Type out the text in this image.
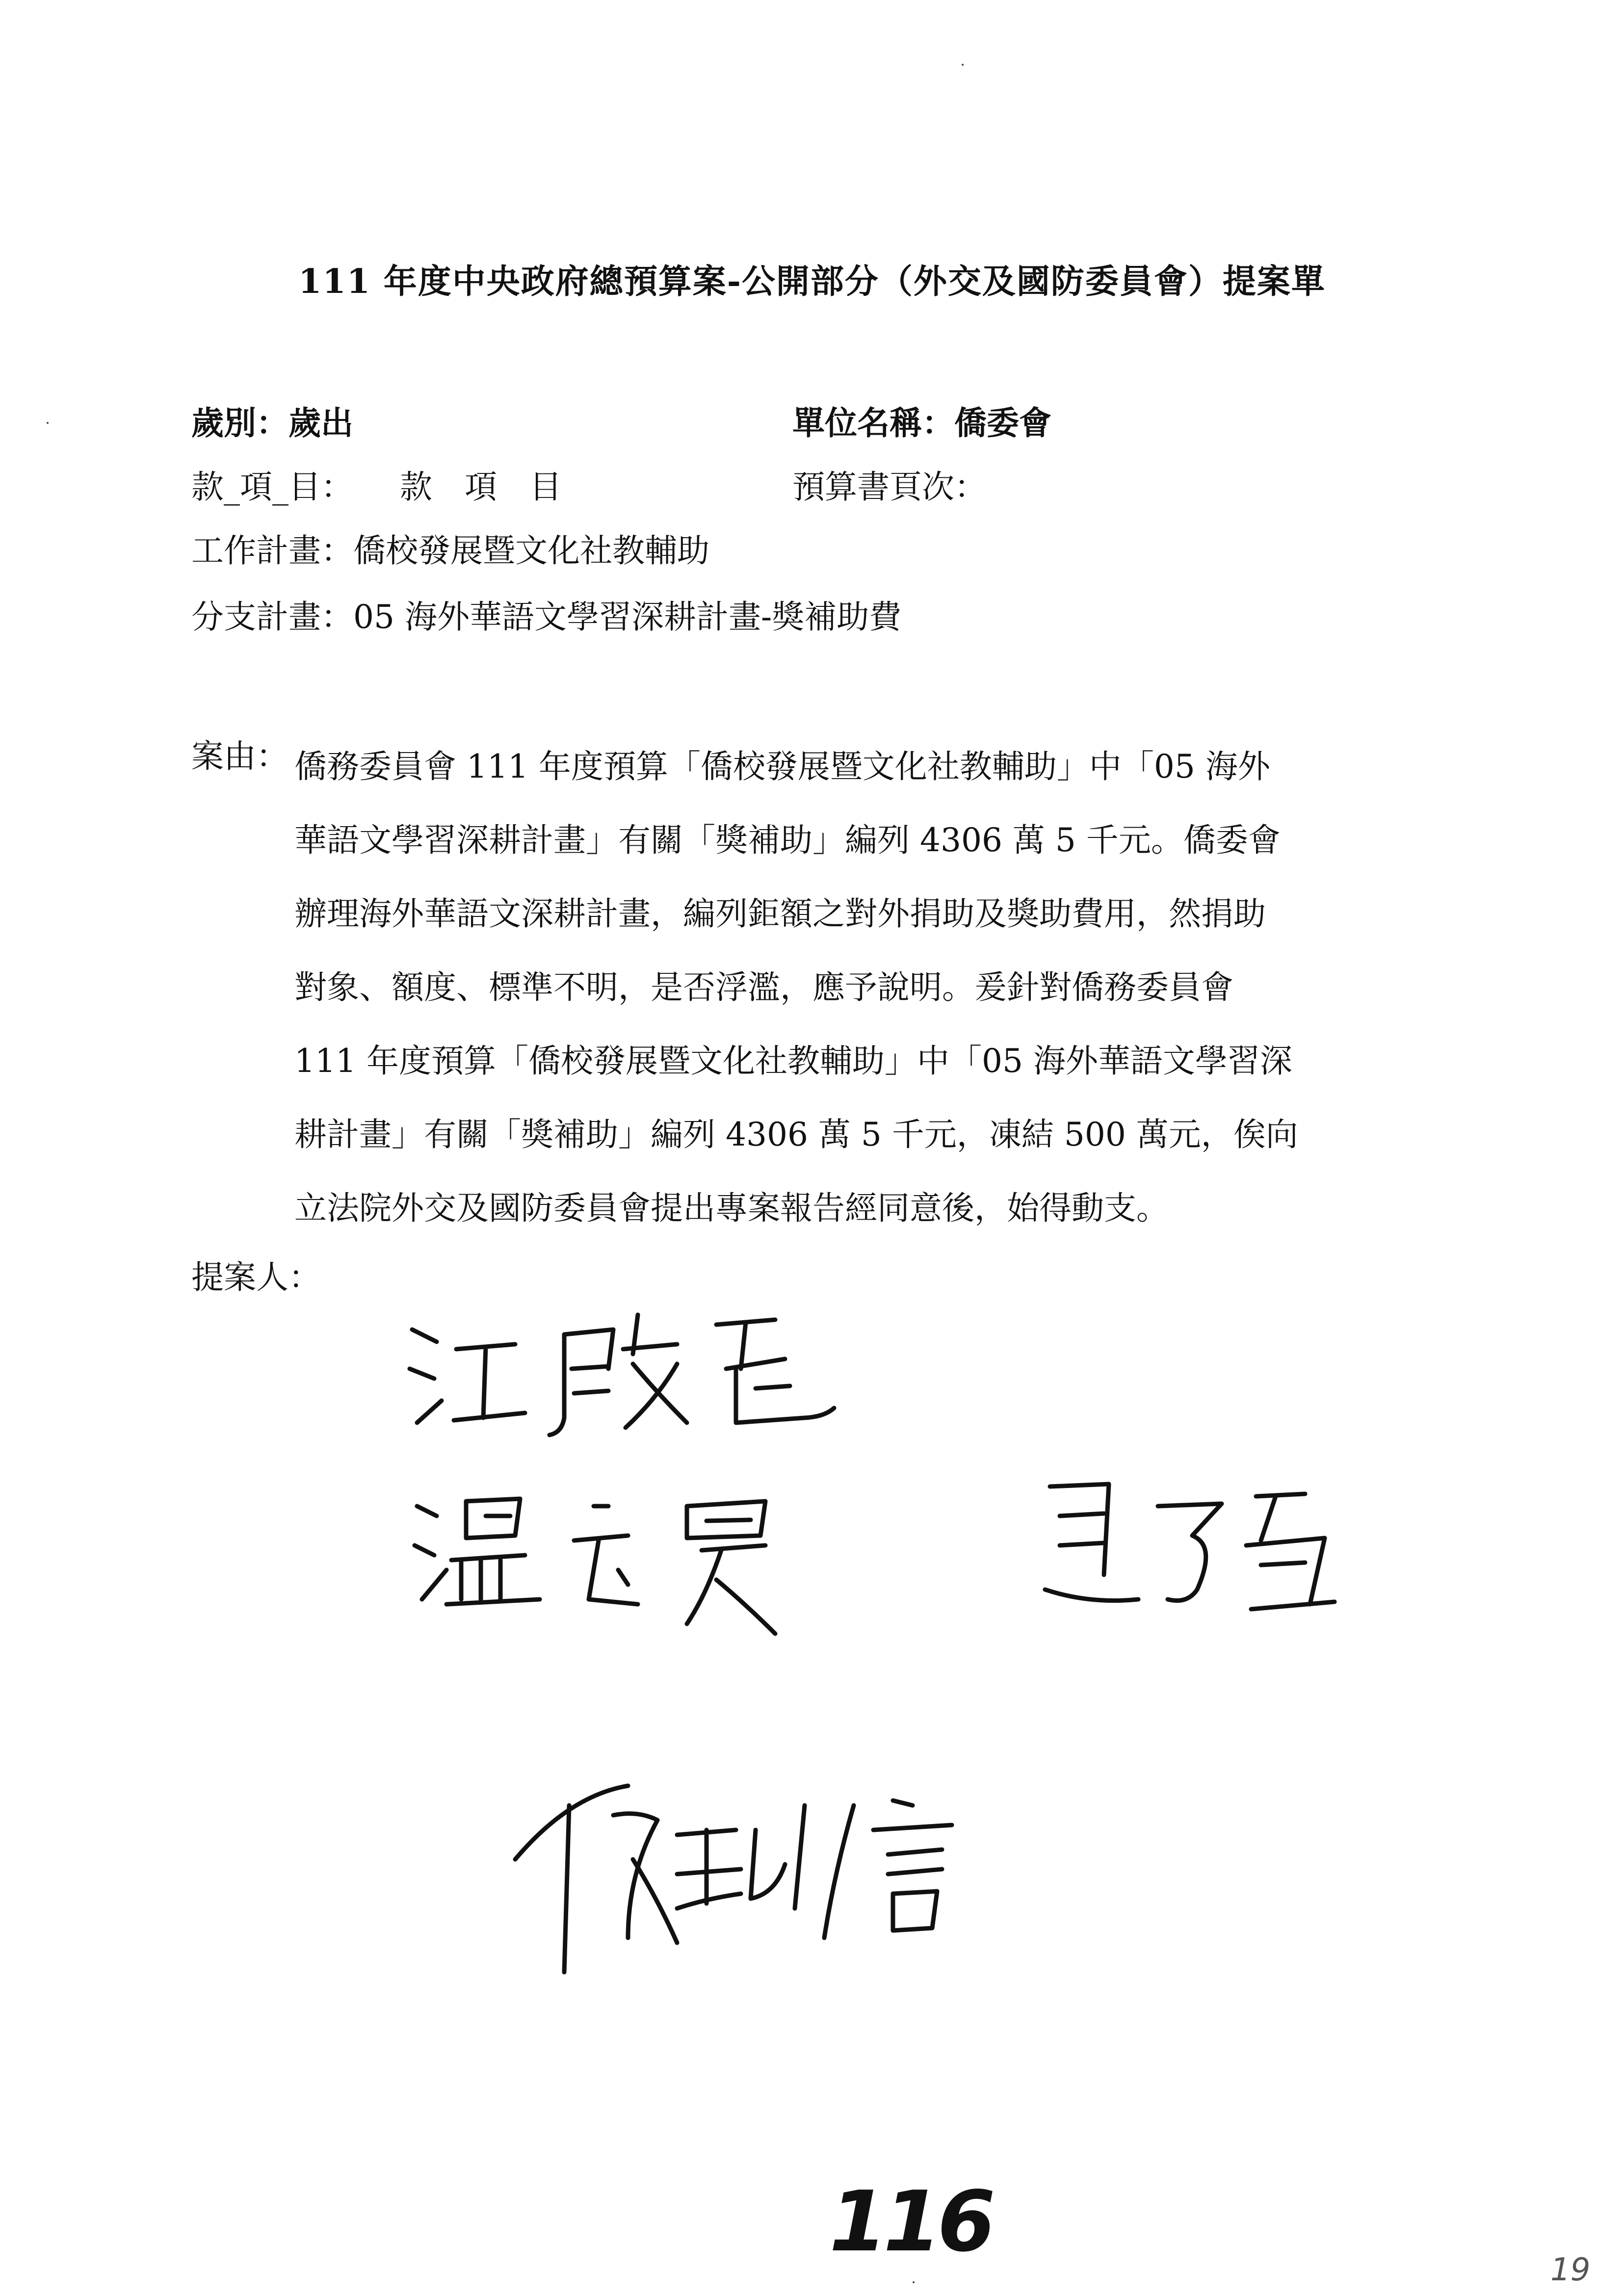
111 年度中央政府總預算案-公開部分（外交及國防委員會）提案單
歲別：歲出	單位名稱：僑委會
款_項_目： 款　項　目	預算書頁次：
工作計畫：僑校發展暨文化社教輔助
分支計畫：05 海外華語文學習深耕計畫-獎補助費
案由： 僑務委員會 111 年度預算「僑校發展暨文化社教輔助」中「05 海外
華語文學習深耕計畫」有關「獎補助」編列 4306 萬 5 千元。僑委會
辦理海外華語文深耕計畫，編列鉅額之對外捐助及獎助費用，然捐助
對象、額度、標準不明，是否浮濫，應予說明。爰針對僑務委員會
111 年度預算「僑校發展暨文化社教輔助」中「05 海外華語文學習深
耕計畫」有關「獎補助」編列 4306 萬 5 千元，凍結 500 萬元，俟向
立法院外交及國防委員會提出專案報告經同意後，始得動支。
提案人：
116	19
